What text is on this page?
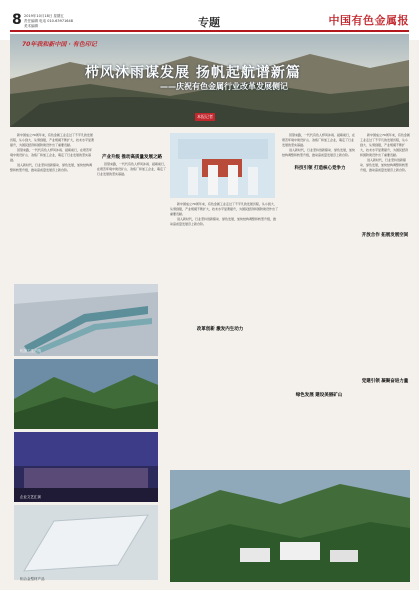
8 2019年10月18日 星期五
责任编辑 电话 010-63971648
美术编辑	专题	中国有色金属报
70年我和新中国 · 有色印记
栉风沐雨谋发展 扬帆起航谱新篇
——庆祝有色金属行业改革发展侧记
本报记者

新中国成立70周年来，有色金属工业走过了不平凡的发展历程，从小到大、从弱到强，产业规模不断扩大，技术水平显著提升，为国民经济和国防建设作出了重要贡献。

回望来路，一代代有色人栉风沐雨、砥砺前行，在艰苦环境中建设矿山、冶炼厂和加工企业，奠定了行业发展的坚实基础。

进入新时代，行业坚持创新驱动、绿色发展，加快结构调整和转型升级，推动高质量发展迈上新台阶。

产业升级 推动高质量发展之路

回望来路，一代代有色人栉风沐雨、砥砺前行，在艰苦环境中建设矿山、冶炼厂和加工企业，奠定了行业发展的坚实基础。

科技引领 打造核心竞争力
开放合作 拓展发展空间

新中国成立70周年来，有色金属工业走过了不平凡的发展历程，从小到大、从弱到强，产业规模不断扩大，技术水平显著提升，为国民经济和国防建设作出了重要贡献。

进入新时代，行业坚持创新驱动、绿色发展，加快结构调整和转型升级，推动高质量发展迈上新台阶。

改革创新 激发内生动力

回望来路，一代代有色人栉风沐雨、砥砺前行，在艰苦环境中建设矿山、冶炼厂和加工企业，奠定了行业发展的坚实基础。

进入新时代，行业坚持创新驱动、绿色发展，加快结构调整和转型升级，推动高质量发展迈上新台阶。

绿色发展 建设美丽矿山

新中国成立70周年来，有色金属工业走过了不平凡的发展历程，从小到大、从弱到强，产业规模不断扩大，技术水平显著提升，为国民经济和国防建设作出了重要贡献。

进入新时代，行业坚持创新驱动、绿色发展，加快结构调整和转型升级，推动高质量发展迈上新台阶。

党建引领 凝聚奋进力量
铝加工生产线
企业文艺汇演
铝合金型材产品
